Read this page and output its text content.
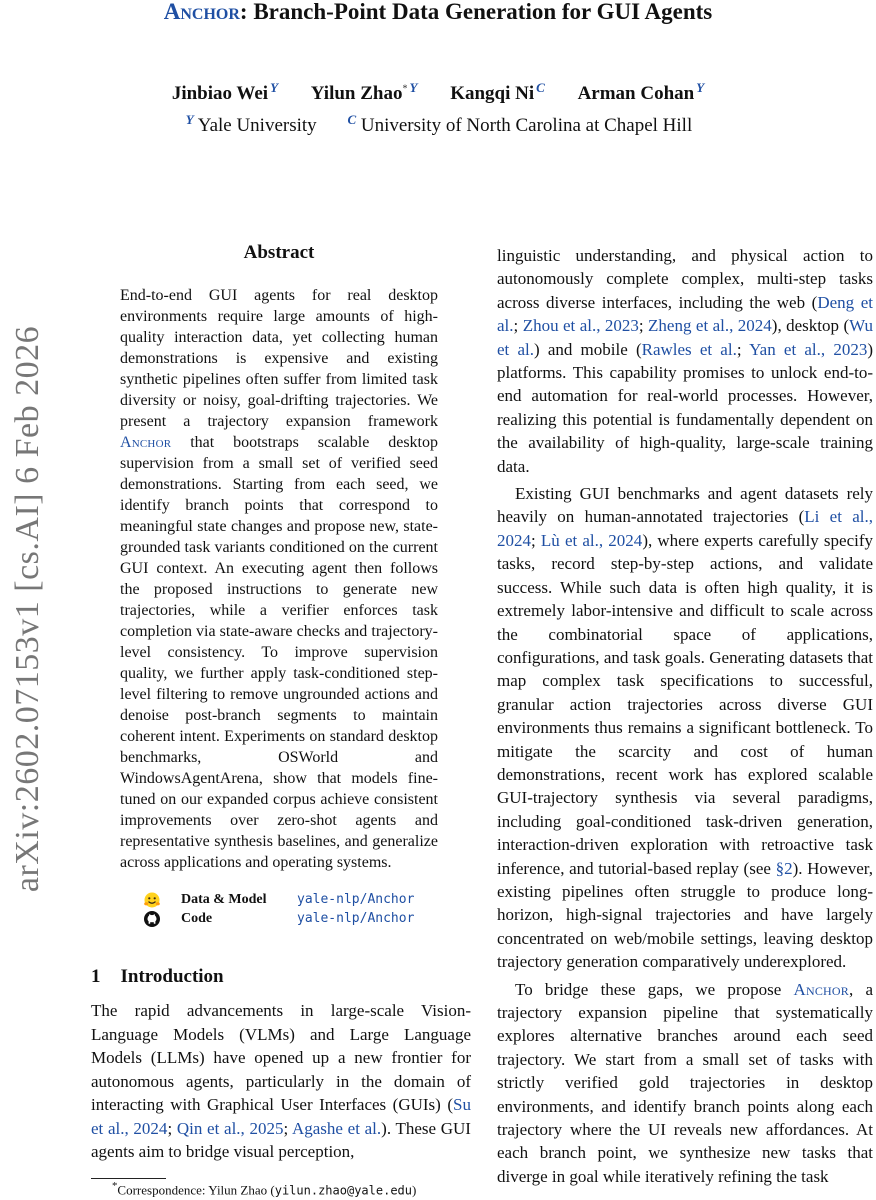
Anchor: Branch-Point Data Generation for GUI Agents
Jinbiao Wei $^Y$ Yilun Zhao* $^Y$ Kangqi Ni $^C$ Arman Cohan $^Y$
$^Y$ Yale University $^C$ University of North Carolina at Chapel Hill
arXiv:2602.07153v1 [cs.AI] 6 Feb 2026
Abstract
End-to-end GUI agents for real desktop environments require large amounts of high-quality interaction data, yet collecting human demonstrations is expensive and existing synthetic pipelines often suffer from limited task diversity or noisy, goal-drifting trajectories. We present a trajectory expansion framework Anchor that bootstraps scalable desktop supervision from a small set of verified seed demonstrations. Starting from each seed, we identify branch points that correspond to meaningful state changes and propose new, state-grounded task variants conditioned on the current GUI context. An executing agent then follows the proposed instructions to generate new trajectories, while a verifier enforces task completion via state-aware checks and trajectory-level consistency. To improve supervision quality, we further apply task-conditioned step-level filtering to remove ungrounded actions and denoise post-branch segments to maintain coherent intent. Experiments on standard desktop benchmarks, OSWorld and WindowsAgentArena, show that models fine-tuned on our expanded corpus achieve consistent improvements over zero-shot agents and representative synthesis baselines, and generalize across applications and operating systems.
Data & Model	yale-nlp/Anchor
Code	yale-nlp/Anchor
1 Introduction
The rapid advancements in large-scale Vision-Language Models (VLMs) and Large Language Models (LLMs) have opened up a new frontier for autonomous agents, particularly in the domain of interacting with Graphical User Interfaces (GUIs) (Su et al., 2024; Qin et al., 2025; Agashe et al.). These GUI agents aim to bridge visual perception,
*Correspondence: Yilun Zhao (yilun.zhao@yale.edu)

linguistic understanding, and physical action to autonomously complete complex, multi-step tasks across diverse interfaces, including the web (Deng et al.; Zhou et al., 2023; Zheng et al., 2024), desktop (Wu et al.) and mobile (Rawles et al.; Yan et al., 2023) platforms. This capability promises to unlock end-to-end automation for real-world processes. However, realizing this potential is fundamentally dependent on the availability of high-quality, large-scale training data.

Existing GUI benchmarks and agent datasets rely heavily on human-annotated trajectories (Li et al., 2024; Lù et al., 2024), where experts carefully specify tasks, record step-by-step actions, and validate success. While such data is often high quality, it is extremely labor-intensive and difficult to scale across the combinatorial space of applications, configurations, and task goals. Generating datasets that map complex task specifications to successful, granular action trajectories across diverse GUI environments thus remains a significant bottleneck. To mitigate the scarcity and cost of human demonstrations, recent work has explored scalable GUI-trajectory synthesis via several paradigms, including goal-conditioned task-driven generation, interaction-driven exploration with retroactive task inference, and tutorial-based replay (see §2). However, existing pipelines often struggle to produce long-horizon, high-signal trajectories and have largely concentrated on web/mobile settings, leaving desktop trajectory generation comparatively underexplored.

To bridge these gaps, we propose Anchor, a trajectory expansion pipeline that systematically explores alternative branches around each seed trajectory. We start from a small set of tasks with strictly verified gold trajectories in desktop environments, and identify branch points along each trajectory where the UI reveals new affordances. At each branch point, we synthesize new tasks that diverge in goal while iteratively refining the task
